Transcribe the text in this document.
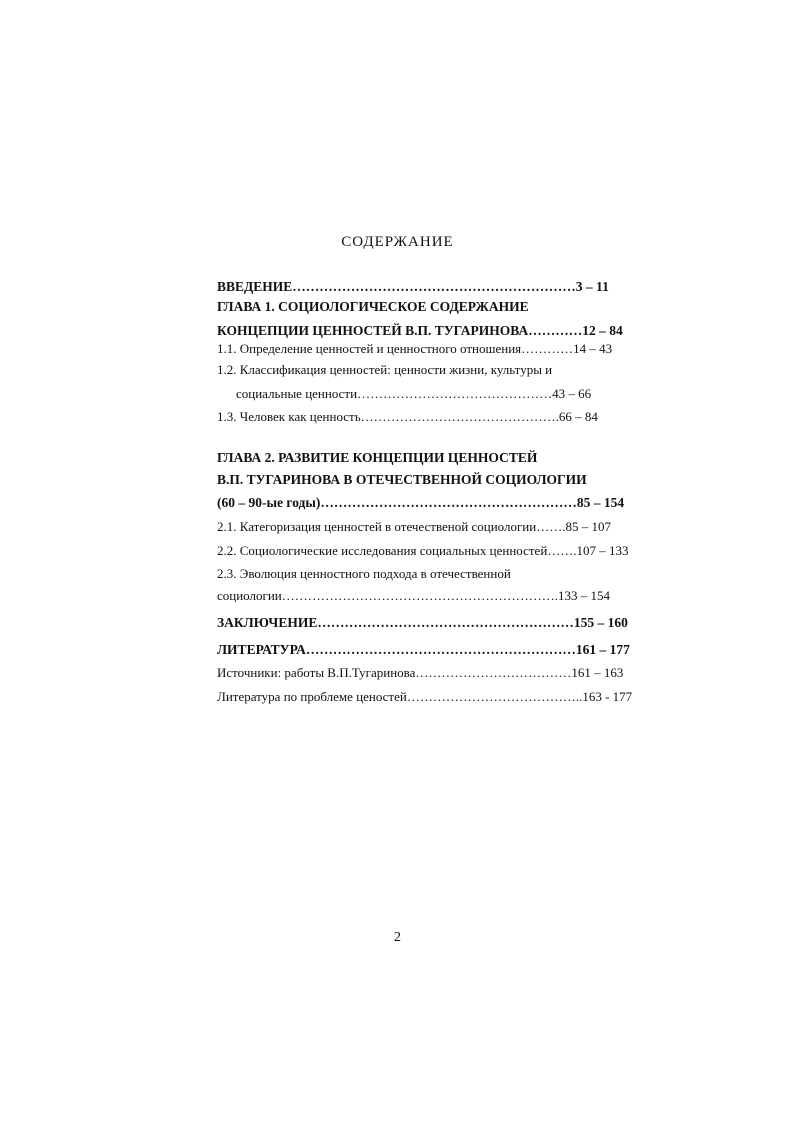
СОДЕРЖАНИЕ
ВВЕДЕНИЕ………………………………………………………3 – 11
ГЛАВА 1. СОЦИОЛОГИЧЕСКОЕ СОДЕРЖАНИЕ
КОНЦЕПЦИИ ЦЕННОСТЕЙ В.П. ТУГАРИНОВА…………12 – 84
1.1. Определение ценностей и ценностного отношения…………14 – 43
1.2. Классификация ценностей: ценности жизни, культуры и
социальные ценности………………………………………43 – 66
1.3. Человек как ценность……………………………………….66 – 84
ГЛАВА 2. РАЗВИТИЕ КОНЦЕПЦИИ ЦЕННОСТЕЙ
В.П. ТУГАРИНОВА В ОТЕЧЕСТВЕННОЙ СОЦИОЛОГИИ
(60 – 90-ые годы)…………………………………………………85 – 154
2.1. Категоризация ценностей в отечественой социологии…….85 – 107
2.2. Социологические исследования социальных ценностей…….107 – 133
2.3. Эволюция ценностного подхода в отечественной
социологии……………………………………………………….133 – 154
ЗАКЛЮЧЕНИЕ…………………………………………………155 – 160
ЛИТЕРАТУРА……………………………………………………161 – 177
Источники: работы В.П.Тугаринова………………………………161 – 163
Литература по проблеме ценостей…………………………………..163 - 177
2
